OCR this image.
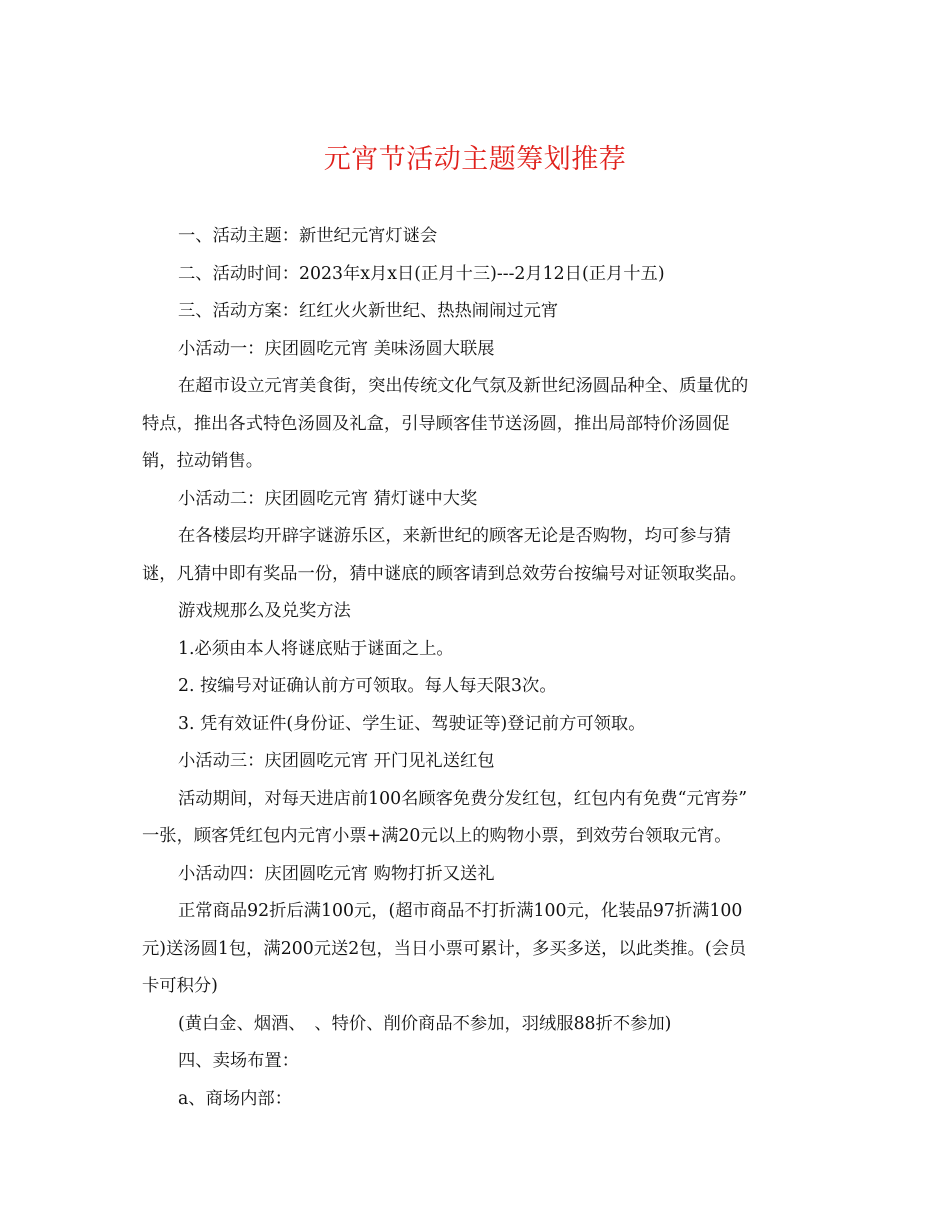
元宵节活动主题筹划推荐
一、活动主题：新世纪元宵灯谜会
二、活动时间：2023年x月x日(正月十三)---2月12日(正月十五)
三、活动方案：红红火火新世纪、热热闹闹过元宵
小活动一：庆团圆吃元宵 美味汤圆大联展
在超市设立元宵美食街，突出传统文化气氛及新世纪汤圆品种全、质量优的
特点，推出各式特色汤圆及礼盒，引导顾客佳节送汤圆，推出局部特价汤圆促
销，拉动销售。
小活动二：庆团圆吃元宵 猜灯谜中大奖
在各楼层均开辟字谜游乐区，来新世纪的顾客无论是否购物，均可参与猜
谜，凡猜中即有奖品一份，猜中谜底的顾客请到总效劳台按编号对证领取奖品。
游戏规那么及兑奖方法
1.必须由本人将谜底贴于谜面之上。
2. 按编号对证确认前方可领取。每人每天限3次。
3. 凭有效证件(身份证、学生证、驾驶证等)登记前方可领取。
小活动三：庆团圆吃元宵 开门见礼送红包
活动期间，对每天进店前100名顾客免费分发红包，红包内有免费“元宵券”
一张，顾客凭红包内元宵小票+满20元以上的购物小票，到效劳台领取元宵。
小活动四：庆团圆吃元宵 购物打折又送礼
正常商品92折后满100元，(超市商品不打折满100元，化装品97折满100
元)送汤圆1包，满200元送2包，当日小票可累计，多买多送，以此类推。(会员
卡可积分)
(黄白金、烟酒、　、特价、削价商品不参加，羽绒服88折不参加)
四、卖场布置：
a、商场内部：
